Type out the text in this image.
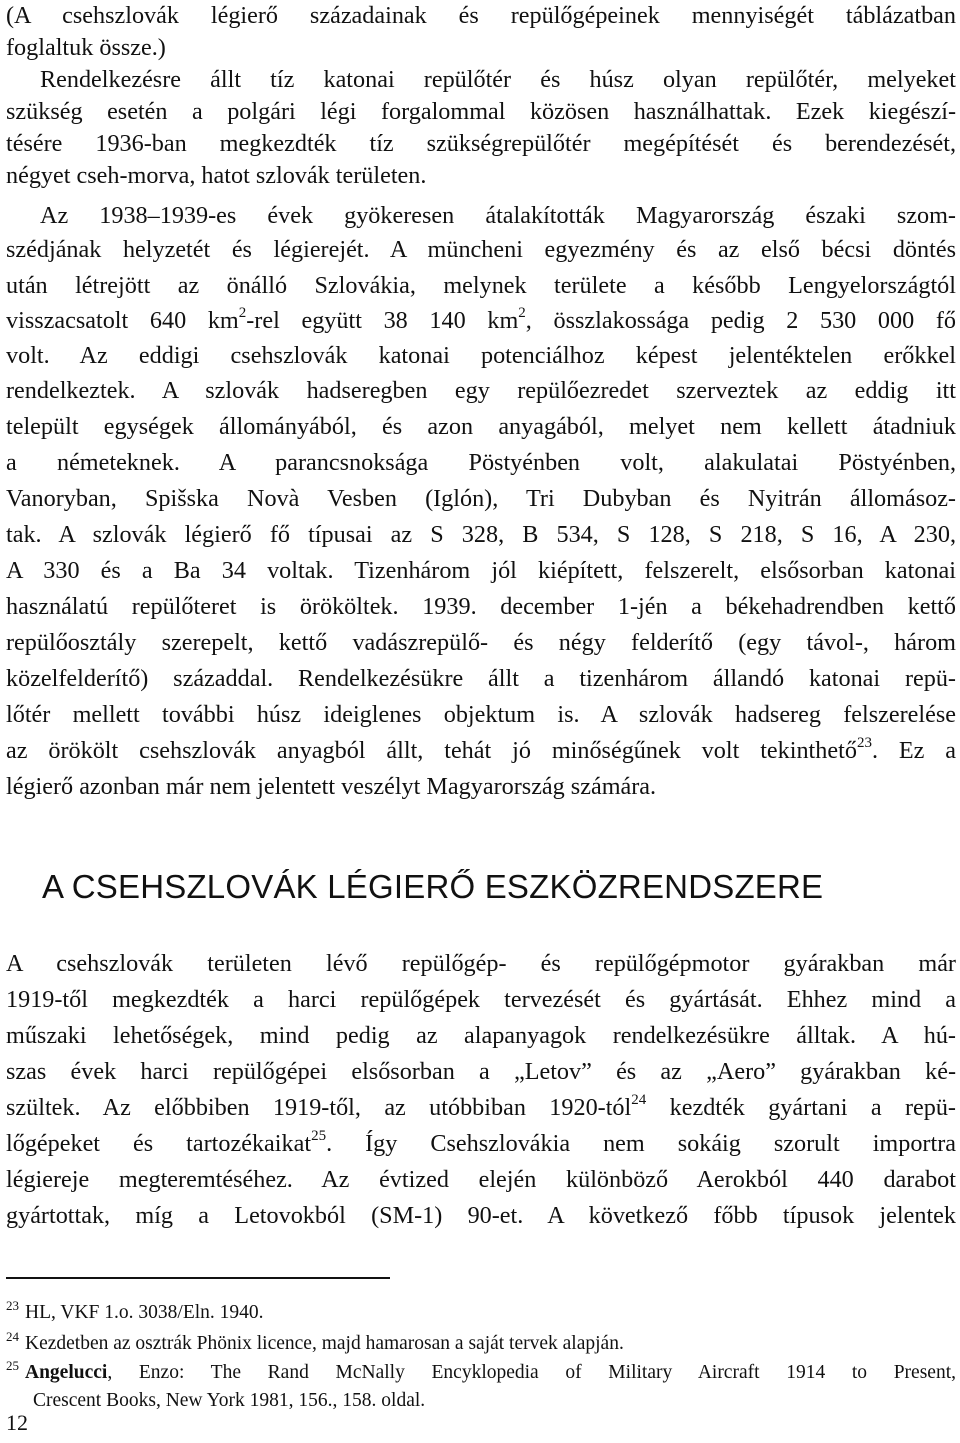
(A csehszlovák légierő századainak és repülőgépeinek mennyiségét táblázatban
foglaltuk össze.)
Rendelkezésre állt tíz katonai repülőtér és húsz olyan repülőtér, melyeket
szükség esetén a polgári légi forgalommal közösen használhattak. Ezek kiegészí-
tésére 1936-ban megkezdték tíz szükségrepülőtér megépítését és berendezését,
négyet cseh-morva, hatot szlovák területen.
Az 1938–1939-es évek gyökeresen átalakították Magyarország északi szom-
szédjának helyzetét és légierejét. A müncheni egyezmény és az első bécsi döntés
után létrejött az önálló Szlovákia, melynek területe a később Lengyelországtól
visszacsatolt 640 $km^2$-rel együtt 38 140 $km^2$, összlakossága pedig 2 530 000 fő
volt. Az eddigi csehszlovák katonai potenciálhoz képest jelentéktelen erőkkel
rendelkeztek. A szlovák hadseregben egy repülőezredet szerveztek az eddig itt
települt egységek állományából, és azon anyagából, melyet nem kellett átadniuk
a németeknek. A parancsnoksága Pöstyénben volt, alakulatai Pöstyénben,
Vanoryban, Spišska Novà Vesben (Iglón), Tri Dubyban és Nyitrán állomásoz-
tak. A szlovák légierő fő típusai az S 328, B 534, S 128, S 218, S 16, A 230,
A 330 és a Ba 34 voltak. Tizenhárom jól kiépített, felszerelt, elsősorban katonai
használatú repülőteret is örököltek. 1939. december 1-jén a békehadrendben kettő
repülőosztály szerepelt, kettő vadászrepülő- és négy felderítő (egy távol-, három
közelfelderítő) századdal. Rendelkezésükre állt a tizenhárom állandó katonai repü-
lőtér mellett további húsz ideiglenes objektum is. A szlovák hadsereg felszerelése
az örökölt csehszlovák anyagból állt, tehát jó minőségűnek volt tekinthető$^{23}$. Ez a
légierő azonban már nem jelentett veszélyt Magyarország számára.
A CSEHSZLOVÁK LÉGIERŐ ESZKÖZRENDSZERE
A csehszlovák területen lévő repülőgép- és repülőgépmotor gyárakban már
1919-től megkezdték a harci repülőgépek tervezését és gyártását. Ehhez mind a
műszaki lehetőségek, mind pedig az alapanyagok rendelkezésükre álltak. A hú-
szas évek harci repülőgépei elsősorban a „Letov” és az „Aero” gyárakban ké-
szültek. Az előbbiben 1919-től, az utóbbiban 1920-tól$^{24}$ kezdték gyártani a repü-
lőgépeket és tartozékaikat$^{25}$. Így Csehszlovákia nem sokáig szorult importra
légiereje megteremtéséhez. Az évtized elején különböző Aerokból 440 darabot
gyártottak, míg a Letovokból (SM-1) 90-et. A következő főbb típusok jelentek
$^{23}$ HL, VKF 1.o. 3038/Eln. 1940.
$^{24}$ Kezdetben az osztrák Phönix licence, majd hamarosan a saját tervek alapján.
$^{25}$ Angelucci, Enzo: The Rand McNally Encyklopedia of Military Aircraft 1914 to Present,
Crescent Books, New York 1981, 156., 158. oldal.
12
